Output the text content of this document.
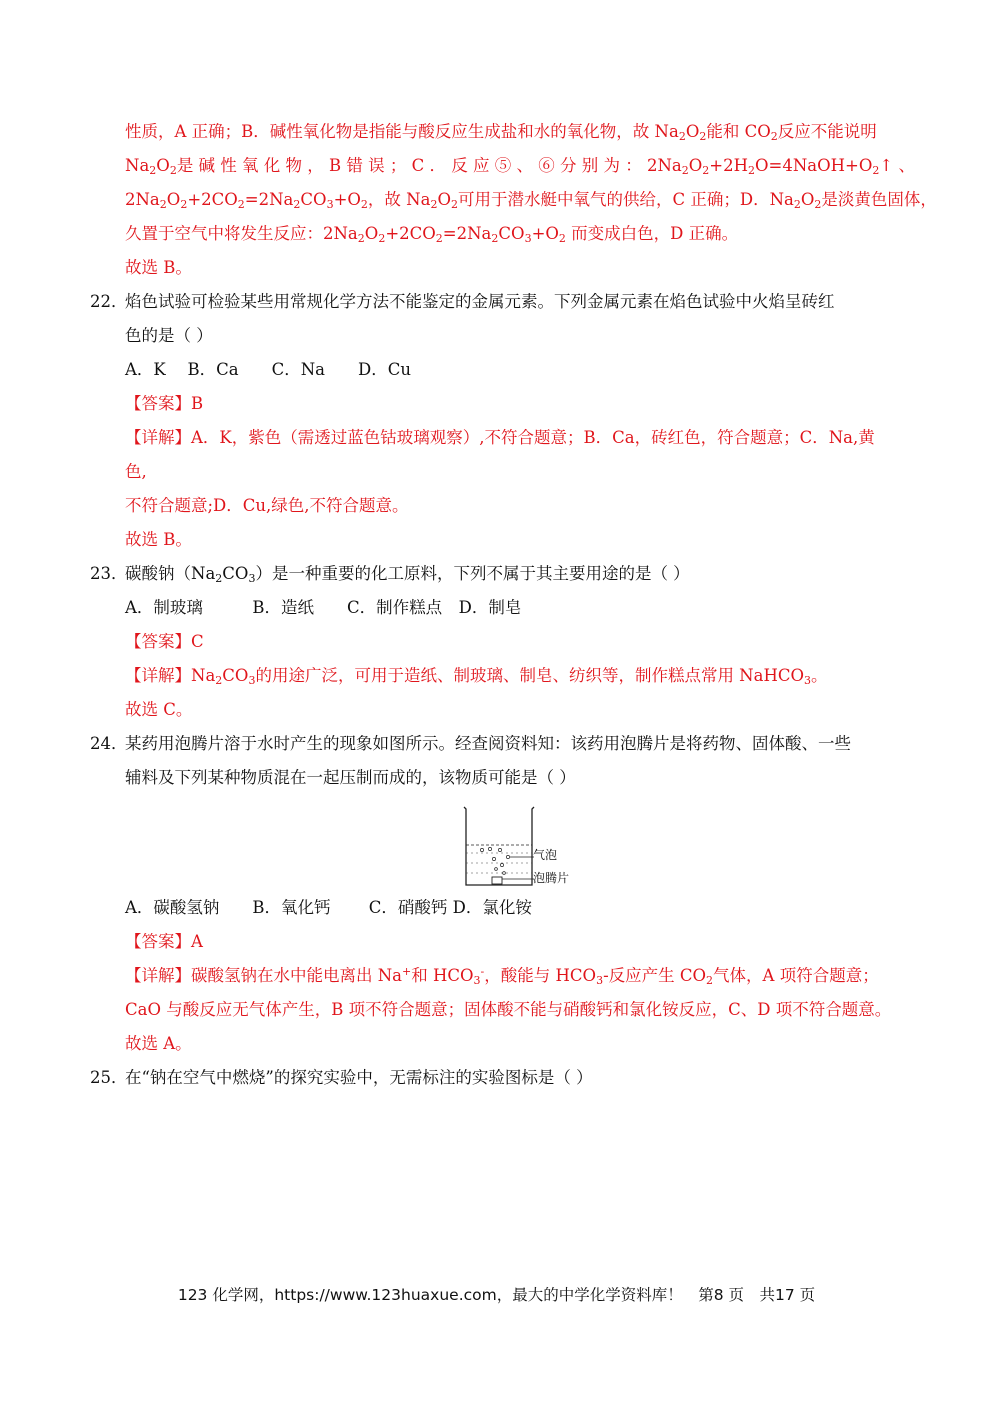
性质，A 正确；B．碱性氧化物是指能与酸反应生成盐和水的氧化物，故 $Na_2O_2$能和 $CO_2$反应不能说明
$Na_2O_2$是 碱 性 氧 化 物 ， B 错 误 ； C ． 反 应 ⑤ 、 ⑥ 分 别 为 ： $2Na_2O_2+2H_2O=4NaOH+O_2↑$ 、
$2Na_2O_2+2CO_2=2Na_2CO_3+O_2$，故 $Na_2O_2$可用于潜水艇中氧气的供给，C 正确；D．$Na_2O_2$是淡黄色固体，
久置于空气中将发生反应：$2Na_2O_2+2CO_2=2Na_2CO_3+O_2$ 而变成白色，D 正确。
故选 B。
22．
焰色试验可检验某些用常规化学方法不能鉴定的金属元素。下列金属元素在焰色试验中火焰呈砖红
色的是（ ）
A．K　 B．Ca　　C．Na　　D．Cu
【答案】B
【详解】A．K，紫色（需透过蓝色钴玻璃观察）,不符合题意；B．Ca，砖红色，符合题意；C．Na,黄
色,
不符合题意;D．Cu,绿色,不符合题意。
故选 B。
23．
碳酸钠$(Na_2CO_3)$是一种重要的化工原料，下列不属于其主要用途的是（ ）
A．制玻璃　　　B．造纸　　C．制作糕点　D．制皂
【答案】C
【详解】$Na_2CO_3$的用途广泛，可用于造纸、制玻璃、制皂、纺织等，制作糕点常用 NaHCO$_3$。
故选 C。
24．
某药用泡腾片溶于水时产生的现象如图所示。经查阅资料知：该药用泡腾片是将药物、固体酸、一些
辅料及下列某种物质混在一起压制而成的，该物质可能是（ ）
气泡
泡腾片
A．碳酸氢钠　　B．氧化钙　　 C．硝酸钙 D．氯化铵
【答案】A
【详解】碳酸氢钠在水中能电离出 Na+和 $HCO_3^-$，酸能与 $HCO_3-$反应产生 $CO_2$气体，A 项符合题意；
CaO 与酸反应无气体产生，B 项不符合题意；固体酸不能与硝酸钙和氯化铵反应，C、D 项不符合题意。
故选 A。
25．
在“钠在空气中燃烧”的探究实验中，无需标注的实验图标是（ ）
123 化学网，https://www.123huaxue.com，最大的中学化学资料库！　第8 页　共17 页
